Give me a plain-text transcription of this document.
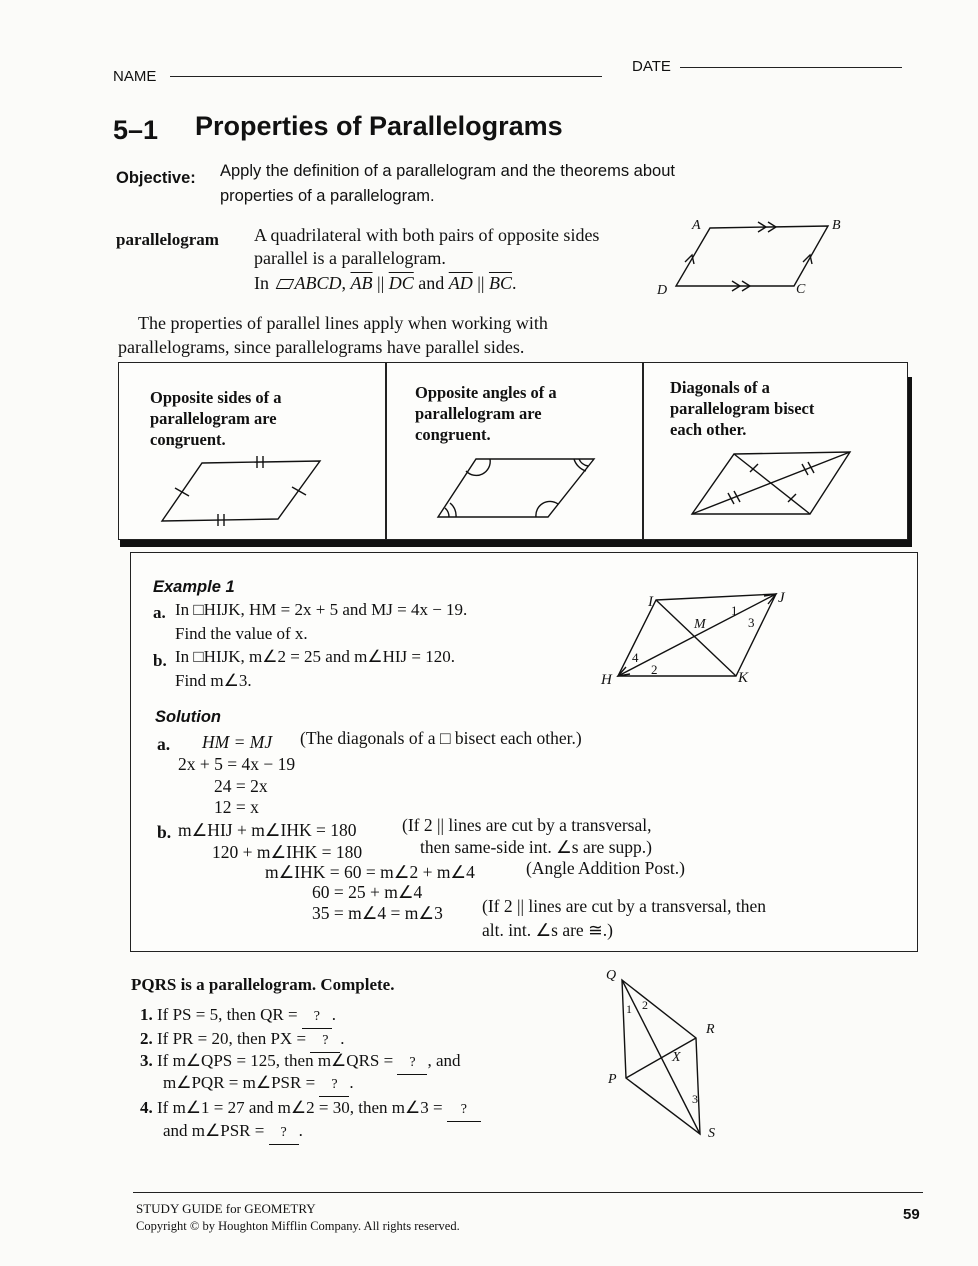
NAME
DATE
5–1 Properties of Parallelograms
Objective: Apply the definition of a parallelogram and the theorems about
properties of a parallelogram.
parallelogram A quadrilateral with both pairs of opposite sides
parallel is a parallelogram.
In ABCD, $\overline{AB}$ || $\overline{DC}$ and $\overline{AD}$ || $\overline{BC}$.
A	B
C
D
The properties of parallel lines apply when working with
parallelograms, since parallelograms have parallel sides.
Opposite sides of a
parallelogram are
congruent.
Opposite angles of a
parallelogram are
congruent.
Diagonals of a
parallelogram bisect
each other.
Example 1
a. In □HIJK, HM = 2x + 5 and MJ = 4x − 19.
Find the value of x.
b. In □HIJK, m∠2 = 25 and m∠HIJ = 120.
Find m∠3.
I	J
K
H
M
1
2
3
4
Solution
a. HM = MJ (The diagonals of a □ bisect each other.)
2x + 5 = 4x − 19
24 = 2x
12 = x
b. m∠HIJ + m∠IHK = 180	(If 2 || lines are cut by a transversal,
120 + m∠IHK = 180	then same-side int. ∠s are supp.)
m∠IHK = 60 = m∠2 + m∠4	(Angle Addition Post.)
60 = 25 + m∠4
35 = m∠4 = m∠3 (If 2 || lines are cut by a transversal, then
alt. int. ∠s are ≅.)
PQRS is a parallelogram. Complete.
1. If PS = 5, then QR = ? .
2. If PR = 20, then PX = ? .
3. If m∠QPS = 125, then m∠QRS = ? , and
m∠PQR = m∠PSR = ? .
4. If m∠1 = 27 and m∠2 = 30, then m∠3 = ?
and m∠PSR = ? .
Q
R
S
P
X
1 2
3
STUDY GUIDE for GEOMETRY
Copyright © by Houghton Mifflin Company. All rights reserved.
59
